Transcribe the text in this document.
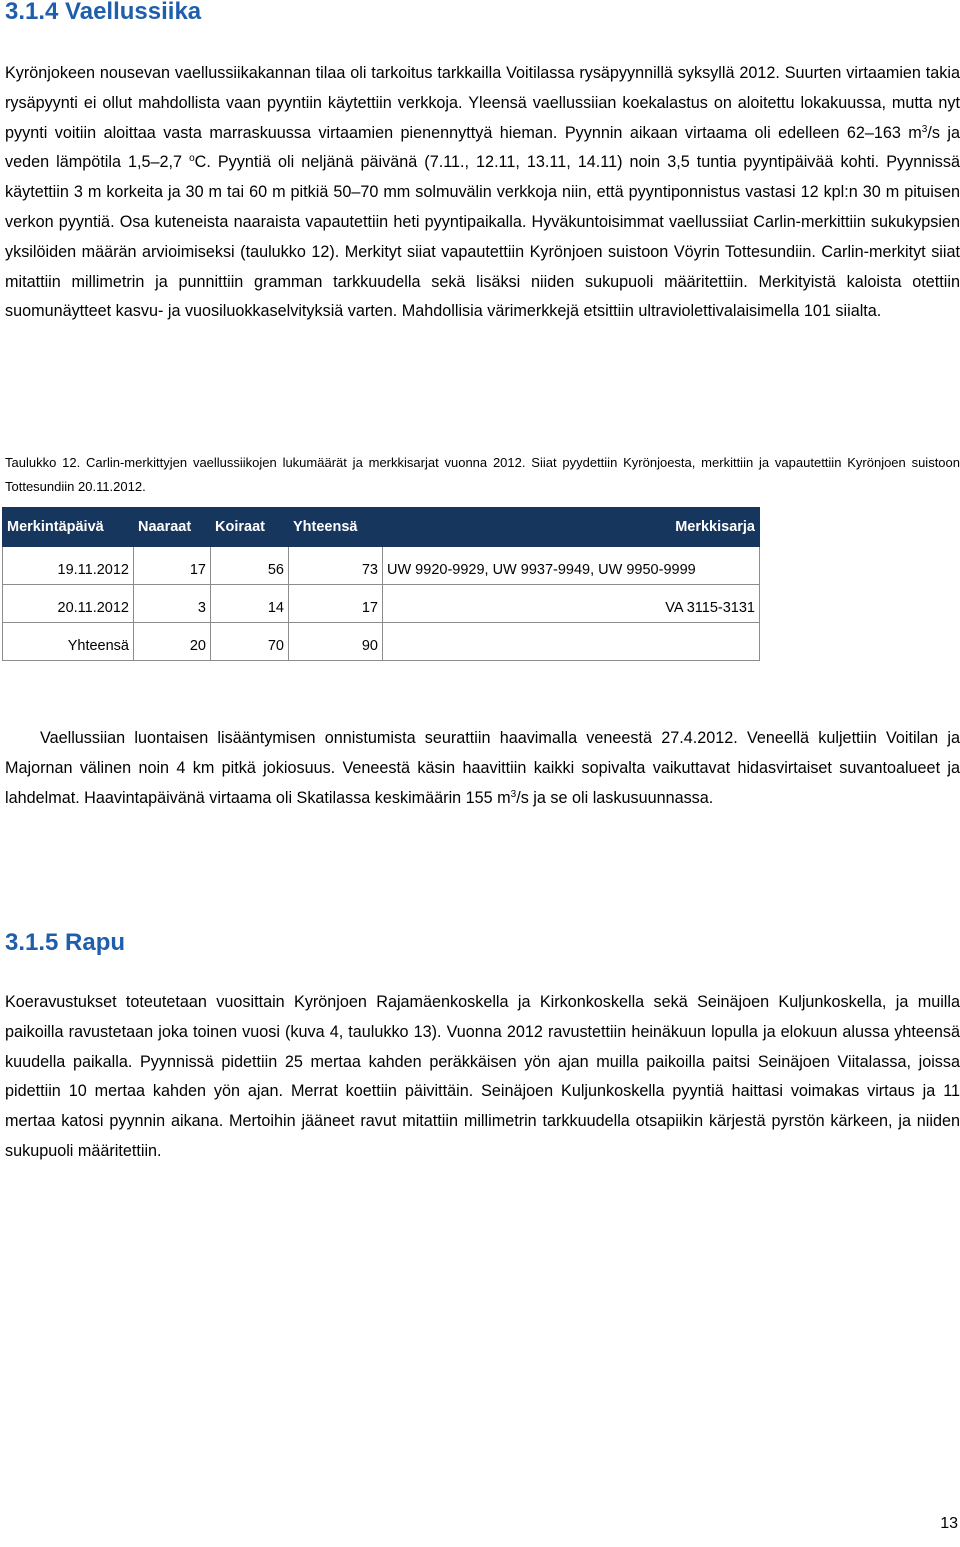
3.1.4 Vaellussiika

Kyrönjokeen nousevan vaellussiikakannan tilaa oli tarkoitus tarkkailla Voitilassa rysäpyynnillä syksyllä 2012. Suurten virtaamien takia rysäpyynti ei ollut mahdollista vaan pyyntiin käytettiin verkkoja. Yleensä vaellussiian koekalastus on aloitettu lokakuussa, mutta nyt pyynti voitiin aloittaa vasta marraskuussa virtaamien pienennyttyä hieman. Pyynnin aikaan virtaama oli edelleen 62–163 $m^3/s$ ja veden lämpötila 1,5–2,7 $^o$C. Pyyntiä oli neljänä päivänä (7.11., 12.11, 13.11, 14.11) noin 3,5 tuntia pyyntipäivää kohti. Pyynnissä käytettiin 3 m korkeita ja 30 m tai 60 m pitkiä 50–70 mm solmuvälin verkkoja niin, että pyyntiponnistus vastasi 12 kpl:n 30 m pituisen verkon pyyntiä. Osa kuteneista naaraista vapautettiin heti pyyntipaikalla. Hyväkuntoisimmat vaellussiiat Carlin-merkittiin sukukypsien yksilöiden määrän arvioimiseksi (taulukko 12). Merkityt siiat vapautettiin Kyrönjoen suistoon Vöyrin Tottesundiin. Carlin-merkityt siiat mitattiin millimetrin ja punnittiin gramman tarkkuudella sekä lisäksi niiden sukupuoli määritettiin. Merkityistä kaloista otettiin suomunäytteet kasvu- ja vuosiluokkaselvityksiä varten. Mahdollisia värimerkkejä etsittiin ultraviolettivalaisimella 101 siialta.

Taulukko 12. Carlin-merkittyjen vaellussiikojen lukumäärät ja merkkisarjat vuonna 2012. Siiat pyydettiin Kyrönjoesta, merkittiin ja vapautettiin Kyrönjoen suistoon Tottesundiin 20.11.2012.

Merkintäpäivä	Naaraat	Koiraat	Yhteensä	Merkkisarja
19.11.2012	17	56	73	UW 9920-9929, UW 9937-9949, UW 9950-9999
20.11.2012	3	14	17	VA 3115-3131
Yhteensä	20	70	90	

Vaellussiian luontaisen lisääntymisen onnistumista seurattiin haavimalla veneestä 27.4.2012. Veneellä kuljettiin Voitilan ja Majornan välinen noin 4 km pitkä jokiosuus. Veneestä käsin haavittiin kaikki sopivalta vaikuttavat hidasvirtaiset suvantoalueet ja lahdelmat. Haavintapäivänä virtaama oli Skatilassa keskimäärin 155 $m^3/s$ ja se oli laskusuunnassa.

3.1.5 Rapu

Koeravustukset toteutetaan vuosittain Kyrönjoen Rajamäenkoskella ja Kirkonkoskella sekä Seinäjoen Kuljunkoskella, ja muilla paikoilla ravustetaan joka toinen vuosi (kuva 4, taulukko 13). Vuonna 2012 ravustettiin heinäkuun lopulla ja elokuun alussa yhteensä kuudella paikalla. Pyynnissä pidettiin 25 mertaa kahden peräkkäisen yön ajan muilla paikoilla paitsi Seinäjoen Viitalassa, joissa pidettiin 10 mertaa kahden yön ajan. Merrat koettiin päivittäin. Seinäjoen Kuljunkoskella pyyntiä haittasi voimakas virtaus ja 11 mertaa katosi pyynnin aikana. Mertoihin jääneet ravut mitattiin millimetrin tarkkuudella otsapiikin kärjestä pyrstön kärkeen, ja niiden sukupuoli määritettiin.

13
